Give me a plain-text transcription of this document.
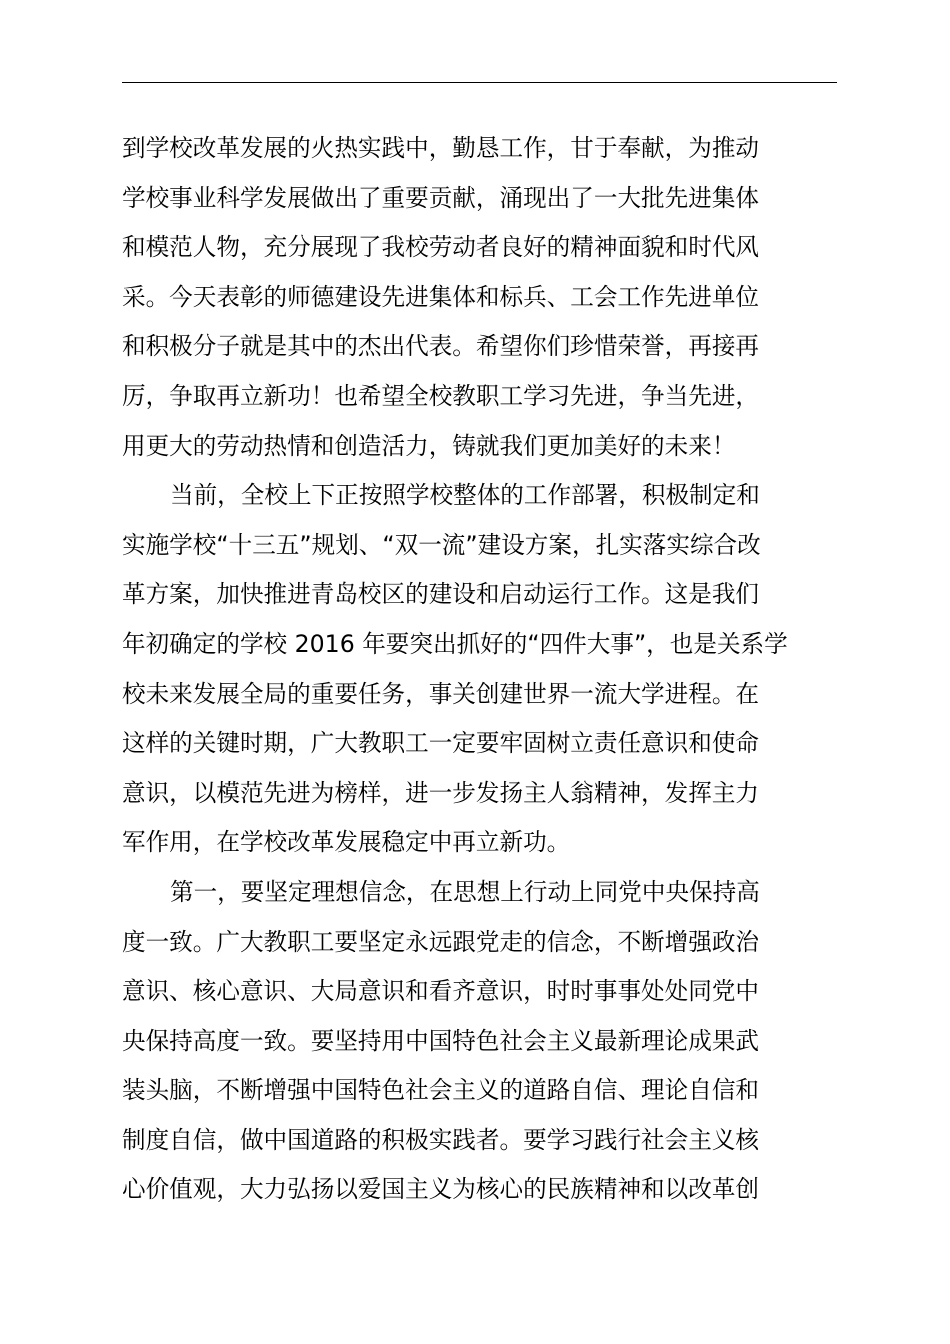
到学校改革发展的火热实践中，勤恳工作，甘于奉献，为推动
学校事业科学发展做出了重要贡献，涌现出了一大批先进集体
和模范人物，充分展现了我校劳动者良好的精神面貌和时代风
采。今天表彰的师德建设先进集体和标兵、工会工作先进单位
和积极分子就是其中的杰出代表。希望你们珍惜荣誉，再接再
厉，争取再立新功！也希望全校教职工学习先进，争当先进，
用更大的劳动热情和创造活力，铸就我们更加美好的未来！
当前，全校上下正按照学校整体的工作部署，积极制定和
实施学校“十三五”规划、“双一流”建设方案，扎实落实综合改
革方案，加快推进青岛校区的建设和启动运行工作。这是我们
年初确定的学校 2016 年要突出抓好的“四件大事”，也是关系学
校未来发展全局的重要任务，事关创建世界一流大学进程。在
这样的关键时期，广大教职工一定要牢固树立责任意识和使命
意识，以模范先进为榜样，进一步发扬主人翁精神，发挥主力
军作用，在学校改革发展稳定中再立新功。
第一，要坚定理想信念，在思想上行动上同党中央保持高
度一致。广大教职工要坚定永远跟党走的信念，不断增强政治
意识、核心意识、大局意识和看齐意识，时时事事处处同党中
央保持高度一致。要坚持用中国特色社会主义最新理论成果武
装头脑，不断增强中国特色社会主义的道路自信、理论自信和
制度自信，做中国道路的积极实践者。要学习践行社会主义核
心价值观，大力弘扬以爱国主义为核心的民族精神和以改革创
